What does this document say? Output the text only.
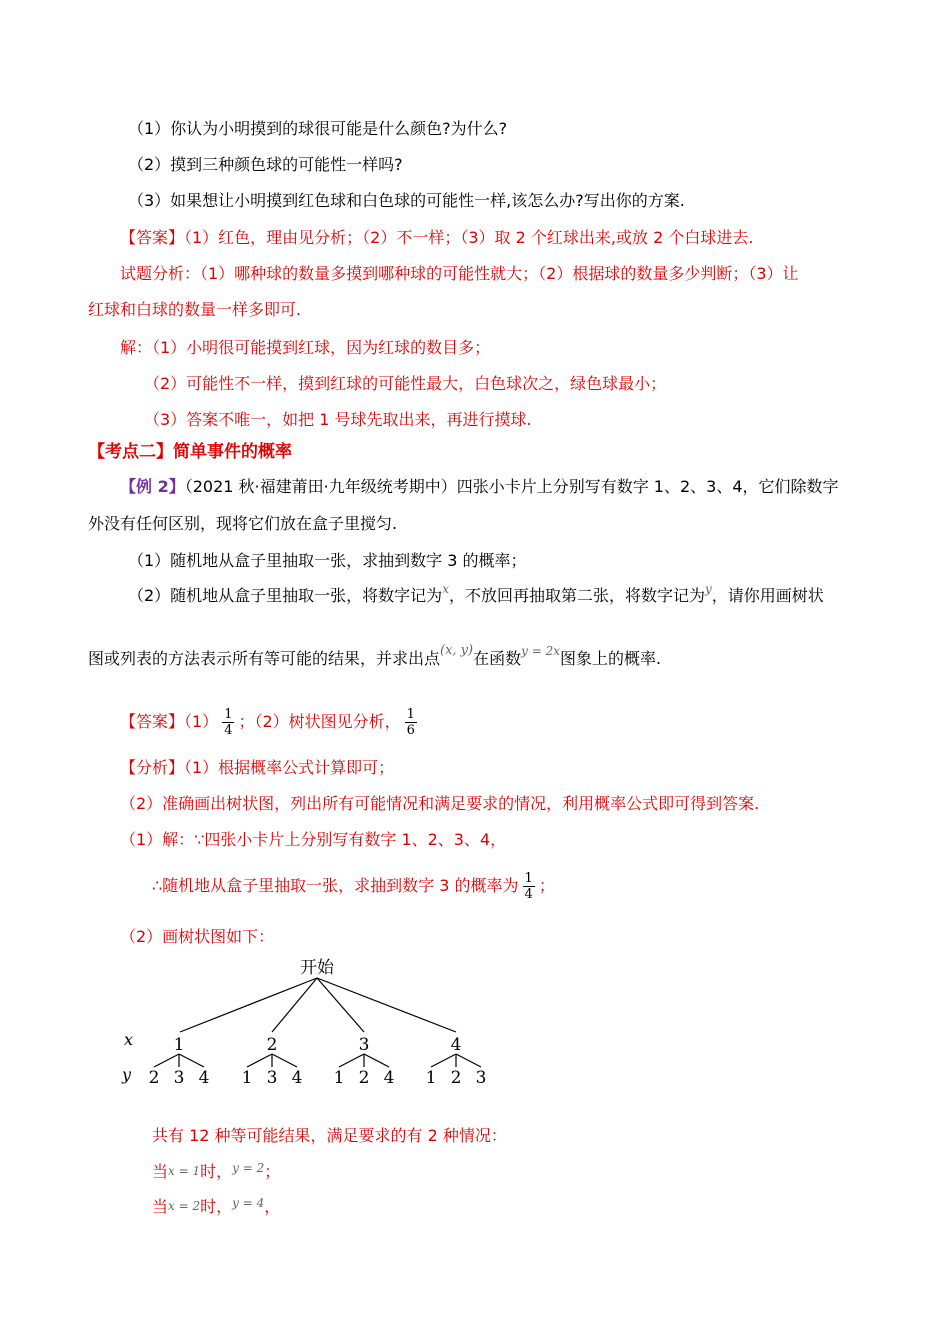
（1）你认为小明摸到的球很可能是什么颜色?为什么?
（2）摸到三种颜色球的可能性一样吗?
（3）如果想让小明摸到红色球和白色球的可能性一样,该怎么办?写出你的方案.
【答案】（1）红色，理由见分析；（2）不一样；（3）取 2 个红球出来,或放 2 个白球进去.
试题分析：（1）哪种球的数量多摸到哪种球的可能性就大；（2）根据球的数量多少判断；（3）让
红球和白球的数量一样多即可.
解：（1）小明很可能摸到红球，因为红球的数目多；
（2）可能性不一样，摸到红球的可能性最大，白色球次之，绿色球最小；
（3）答案不唯一，如把 1 号球先取出来，再进行摸球.
【考点二】简单事件的概率
【例 2】（2021 秋·福建莆田·九年级统考期中）四张小卡片上分别写有数字 1、2、3、4，它们除数字
外没有任何区别，现将它们放在盒子里搅匀.
（1）随机地从盒子里抽取一张，求抽到数字 3 的概率；
（2）随机地从盒子里抽取一张，将数字记为$^x$，不放回再抽取第二张，将数字记为$^y$，请你用画树状
图或列表的方法表示所有等可能的结果，并求出点$^{(x, y)}$在函数$^{y = 2x}$图象上的概率.
【答案】$(1) \frac{1}{4}$ ；（2）树状图见分析， $\frac{1}{6}$
【分析】（1）根据概率公式计算即可；
（2）准确画出树状图，列出所有可能情况和满足要求的情况，利用概率公式即可得到答案.
（1）解：∵四张小卡片上分别写有数字 1、2、3、4，
∴随机地从盒子里抽取一张，求抽到数字 3 的概率为 $\frac{1}{4}$ ；
（2）画树状图如下：
开始
x
y
1	2	3	4
2 3 4 1 3 4 1 2 4 1 2 3
共有 12 种等可能结果，满足要求的有 2 种情况：
当x = 1时，$^{y = 2}$；
当x = 2时，$^{y = 4}$，
